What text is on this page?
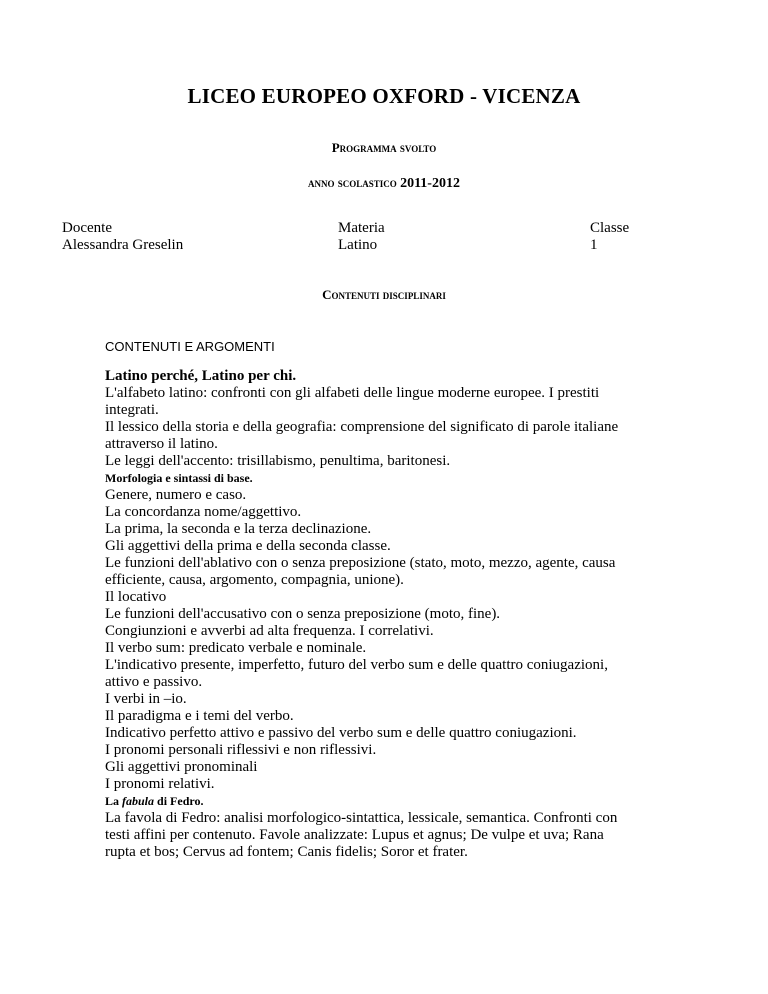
LICEO EUROPEO OXFORD - VICENZA
Programma svolto
anno scolastico 2011-2012
Docente
Alessandra Greselin
Materia
Latino
Classe
1
Contenuti disciplinari
CONTENUTI E ARGOMENTI
Latino perché, Latino per chi.
L'alfabeto latino: confronti con gli alfabeti delle lingue moderne europee. I prestiti
integrati.
Il lessico della storia e della geografia: comprensione del significato di parole italiane
attraverso il latino.
Le leggi dell'accento: trisillabismo, penultima, baritonesi.
Morfologia e sintassi di base.
Genere, numero e caso.
La concordanza nome/aggettivo.
La prima, la seconda e la terza declinazione.
Gli aggettivi della prima e della seconda classe.
Le funzioni dell'ablativo con o senza preposizione (stato, moto, mezzo, agente, causa
efficiente, causa, argomento, compagnia, unione).
Il locativo
Le funzioni dell'accusativo con o senza preposizione (moto, fine).
Congiunzioni e avverbi ad alta frequenza. I correlativi.
Il verbo sum: predicato verbale e nominale.
L'indicativo presente, imperfetto, futuro del verbo sum e delle quattro coniugazioni,
attivo e passivo.
I verbi in –io.
Il paradigma e i temi del verbo.
Indicativo perfetto attivo e passivo del verbo sum e delle quattro coniugazioni.
I pronomi personali riflessivi e non riflessivi.
Gli aggettivi pronominali
I pronomi relativi.
La fabula di Fedro.
La favola di Fedro: analisi morfologico-sintattica, lessicale, semantica. Confronti con
testi affini per contenuto. Favole analizzate: Lupus et agnus; De vulpe et uva; Rana
rupta et bos; Cervus ad fontem; Canis fidelis; Soror et frater.
